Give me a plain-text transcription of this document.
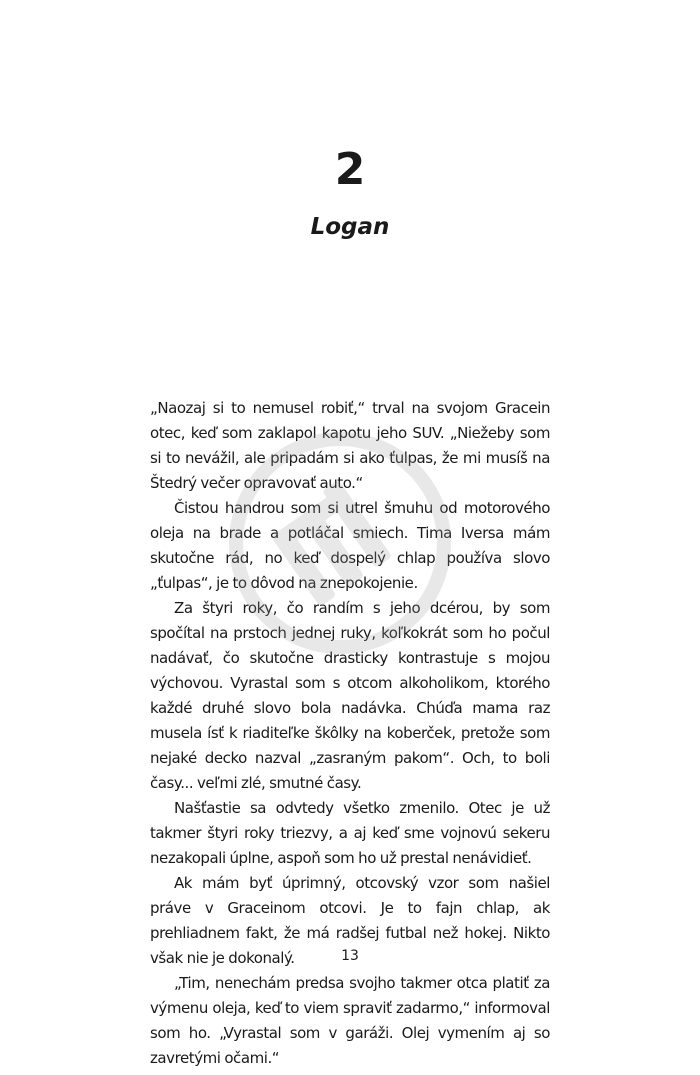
2
Logan

„Naozaj si to nemusel robiť,“ trval na svojom Gracein otec, keď som zaklapol kapotu jeho SUV. „Niežeby som si to nevážil, ale pripadám si ako ťulpas, že mi musíš na Štedrý večer opravovať auto.“

Čistou handrou som si utrel šmuhu od motorového oleja na brade a potláčal smiech. Tima Iversa mám skutočne rád, no keď dospelý chlap používa slovo „ťulpas“, je to dôvod na znepokojenie.

Za štyri roky, čo randím s jeho dcérou, by som spočítal na prstoch jednej ruky, koľkokrát som ho počul nadávať, čo skutočne drasticky kontrastuje s mojou výchovou. Vyrastal som s otcom alkoholikom, ktorého každé druhé slovo bola nadávka. Chúďa mama raz musela ísť k riaditeľke škôlky na koberček, pretože som nejaké decko nazval „zasraným pakom“. Och, to boli časy... veľmi zlé, smutné časy.

Našťastie sa odvtedy všetko zmenilo. Otec je už takmer štyri roky triezvy, a aj keď sme vojnovú sekeru nezakopali úplne, aspoň som ho už prestal nenávidieť.

Ak mám byť úprimný, otcovský vzor som našiel práve v Graceinom otcovi. Je to fajn chlap, ak prehliadnem fakt, že má radšej futbal než hokej. Nikto však nie je dokonalý.

„Tim, nenechám predsa svojho takmer otca platiť za výmenu oleja, keď to viem spraviť zadarmo,“ informoval som ho. „Vyrastal som v garáži. Olej vymením aj so zavretými očami.“

13
